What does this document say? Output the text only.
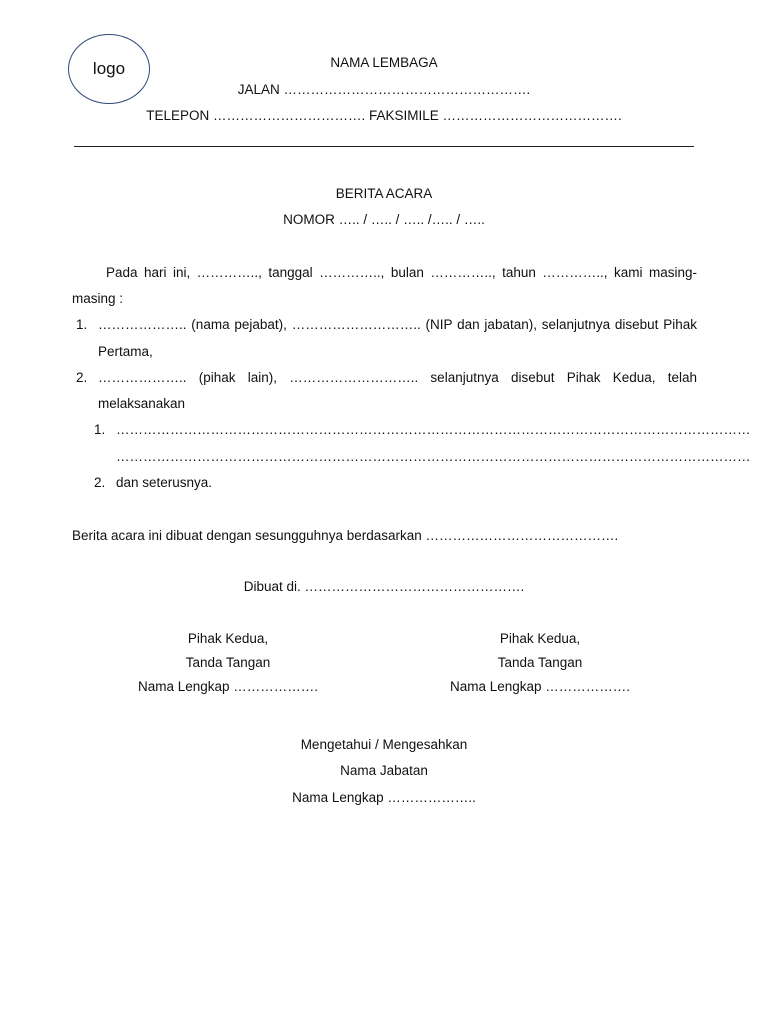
logo	NAMA LEMBAGA
JALAN ……………………………………………….
TELEPON ……………………………. FAKSIMILE ………………………………….
BERITA ACARA
NOMOR ….. / ….. / ….. /….. / …..
Pada hari ini, ………….., tanggal ………….., bulan ………….., tahun ………….., kami masing-
masing :
1. ……………….. (nama pejabat), ……………………….. (NIP dan jabatan), selanjutnya disebut Pihak
Pertama,
2. ……………….. (pihak lain), ……………………….. selanjutnya disebut Pihak Kedua, telah
melaksanakan
1. ……………………………………………………………………………………………………………………………
……………………………………………………………………………………………………………………………
2. dan seterusnya.
Berita acara ini dibuat dengan sesungguhnya berdasarkan …………………………………….
Dibuat di. ………………………………………….
Pihak Kedua,
Tanda Tangan
Nama Lengkap ……………….
Pihak Kedua,
Tanda Tangan
Nama Lengkap ……………….
Mengetahui / Mengesahkan
Nama Jabatan
Nama Lengkap ………………..
